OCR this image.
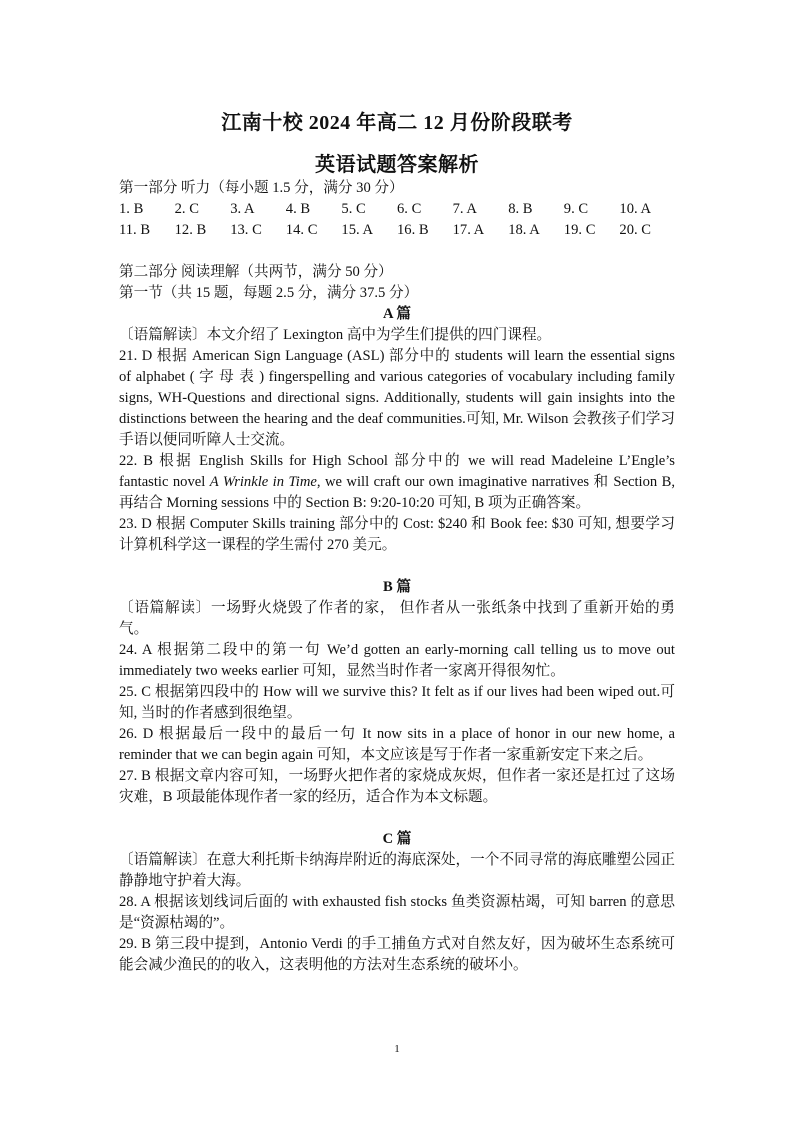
江南十校 2024 年高二 12 月份阶段联考
英语试题答案解析

第一部分 听力（每小题 1.5 分，满分 30 分）

1. B	2. C	3. A	4. B	5. C	6. C	7. A	8. B	9. C	10. A
11. B	12. B	13. C	14. C	15. A	16. B	17. A	18. A	19. C	20. C

第二部分 阅读理解（共两节，满分 50 分）

第一节（共 15 题，每题 2.5 分，满分 37.5 分）

A 篇

〔语篇解读〕本文介绍了 Lexington 高中为学生们提供的四门课程。

21. D 根据 American Sign Language (ASL) 部分中的 students will learn the essential signs of alphabet ( 字 母 表 ) fingerspelling and various categories of vocabulary including family signs, WH-Questions and directional signs. Additionally, students will gain insights into the distinctions between the hearing and the deaf communities.可知, Mr. Wilson 会教孩子们学习手语以便同听障人士交流。

22. B 根据 English Skills for High School 部分中的 we will read Madeleine L’Engle’s fantastic novel A Wrinkle in Time, we will craft our own imaginative narratives 和 Section B,再结合 Morning sessions 中的 Section B: 9:20-10:20 可知, B 项为正确答案。

23. D 根据 Computer Skills training 部分中的 Cost: $240 和 Book fee: $30 可知, 想要学习计算机科学这一课程的学生需付 270 美元。

B 篇

〔语篇解读〕一场野火烧毁了作者的家， 但作者从一张纸条中找到了重新开始的勇气。

24. A 根据第二段中的第一句 We’d gotten an early-morning call telling us to move out immediately two weeks earlier 可知，显然当时作者一家离开得很匆忙。

25. C 根据第四段中的 How will we survive this? It felt as if our lives had been wiped out.可知, 当时的作者感到很绝望。

26. D 根据最后一段中的最后一句 It now sits in a place of honor in our new home, a reminder that we can begin again 可知，本文应该是写于作者一家重新安定下来之后。

27. B 根据文章内容可知，一场野火把作者的家烧成灰烬，但作者一家还是扛过了这场灾难，B 项最能体现作者一家的经历，适合作为本文标题。

C 篇

〔语篇解读〕在意大利托斯卡纳海岸附近的海底深处，一个不同寻常的海底雕塑公园正静静地守护着大海。

28. A 根据该划线词后面的 with exhausted fish stocks 鱼类资源枯竭，可知 barren 的意思是“资源枯竭的”。

29. B 第三段中提到，Antonio Verdi 的手工捕鱼方式对自然友好，因为破坏生态系统可能会减少渔民的的收入，这表明他的方法对生态系统的破坏小。

1
